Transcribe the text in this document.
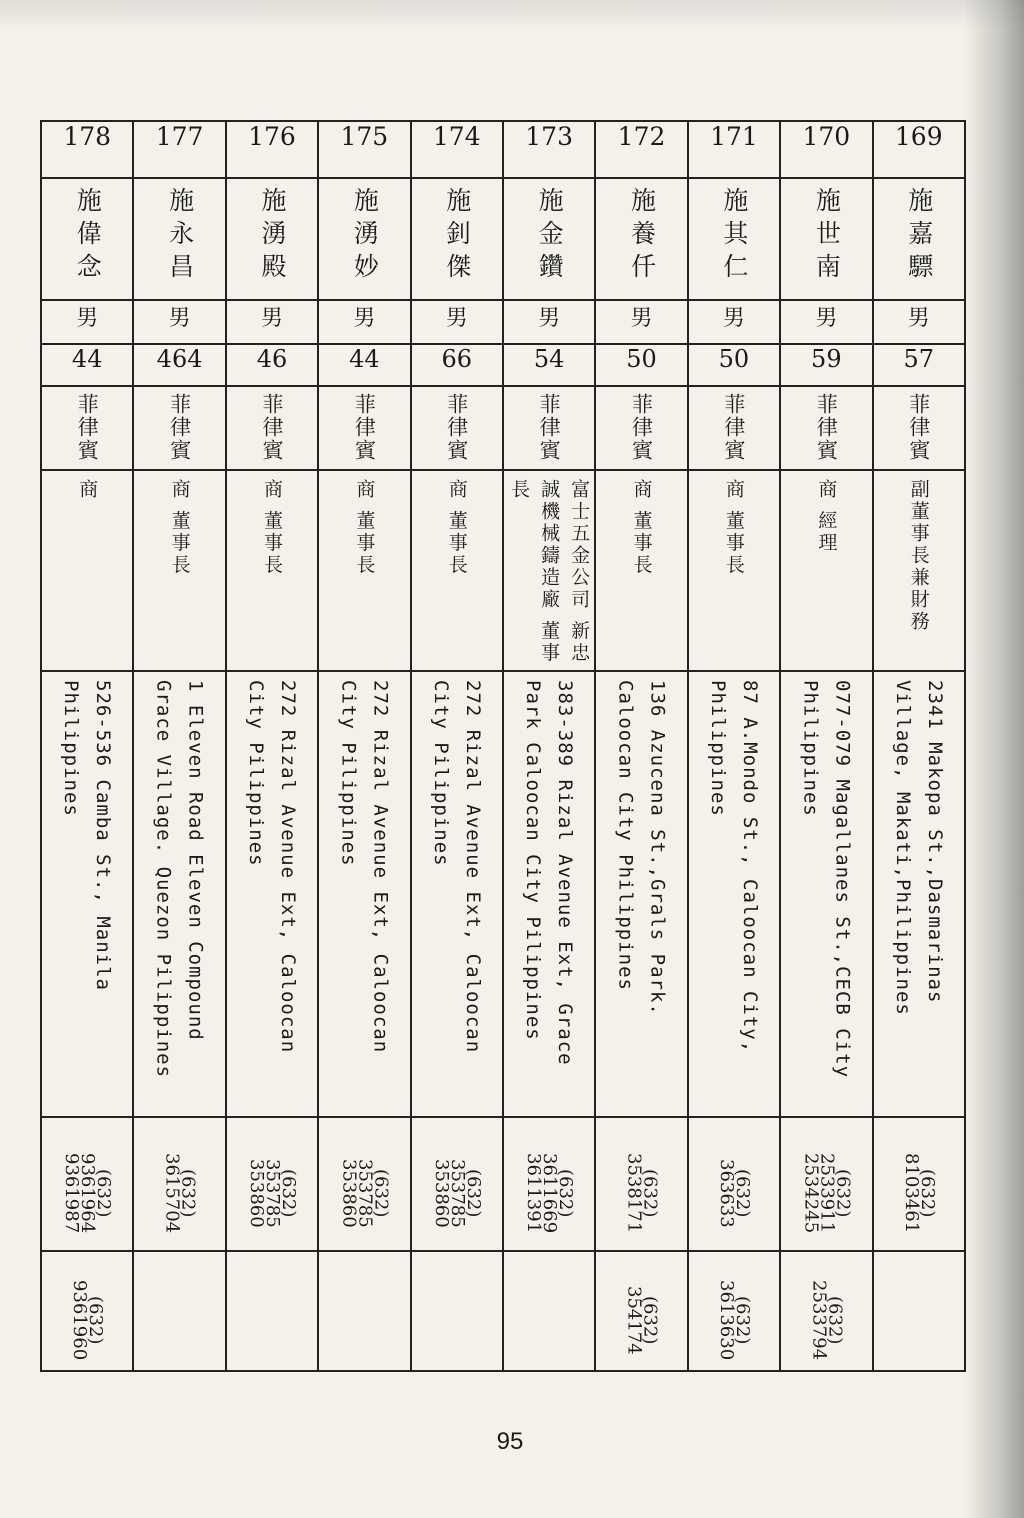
178	177	176	175	174	173	172	171	170	169
施偉念	施永昌	施湧殿	施湧妙	施釗傑	施金鑽	施養仟	施其仁	施世南	施嘉驃
男	男	男	男	男	男	男	男	男	男
44	464	46	44	66	54	50	50	59	57
菲律賓	菲律賓	菲律賓	菲律賓	菲律賓	菲律賓	菲律賓	菲律賓	菲律賓	菲律賓
商	商 董事長	商 董事長	商 董事長	商 董事長	富士五金公司 新忠誠機械鑄造廠 董事長	商 董事長	商 董事長	商 經理	副董事長兼財務
526-536 Camba St., Manila Philippines	1 Eleven Road Eleven Compound Grace Village. Quezon Pilippines	272 Rizal Avenue Ext, Caloocan City Pilippines	272 Rizal Avenue Ext, Caloocan City Pilippines	272 Rizal Avenue Ext, Caloocan City Pilippines	383-389 Rizal Avenue Ext, Grace Park Caloocan City Pilippines	136 Azucena St.,Grals Park. Caloocan City Philippines	87 A.Mondo St., Caloocan City, Philippines	077-079 Magallanes St.,CECB City Philippines	2341 Makopa St.,Dasmarinas Village, Makati,Philippines
(632) 9361964 9361987	(632) 3615704	(632) 353785 353860	(632) 353785 353860	(632) 353785 353860	(632) 3611669 3611391	(632) 3538171	(632) 363633	(632) 2533911 2534245	(632) 8103461
(632) 9361960						(632) 354174	(632) 3613630	(632) 2533794	
95
